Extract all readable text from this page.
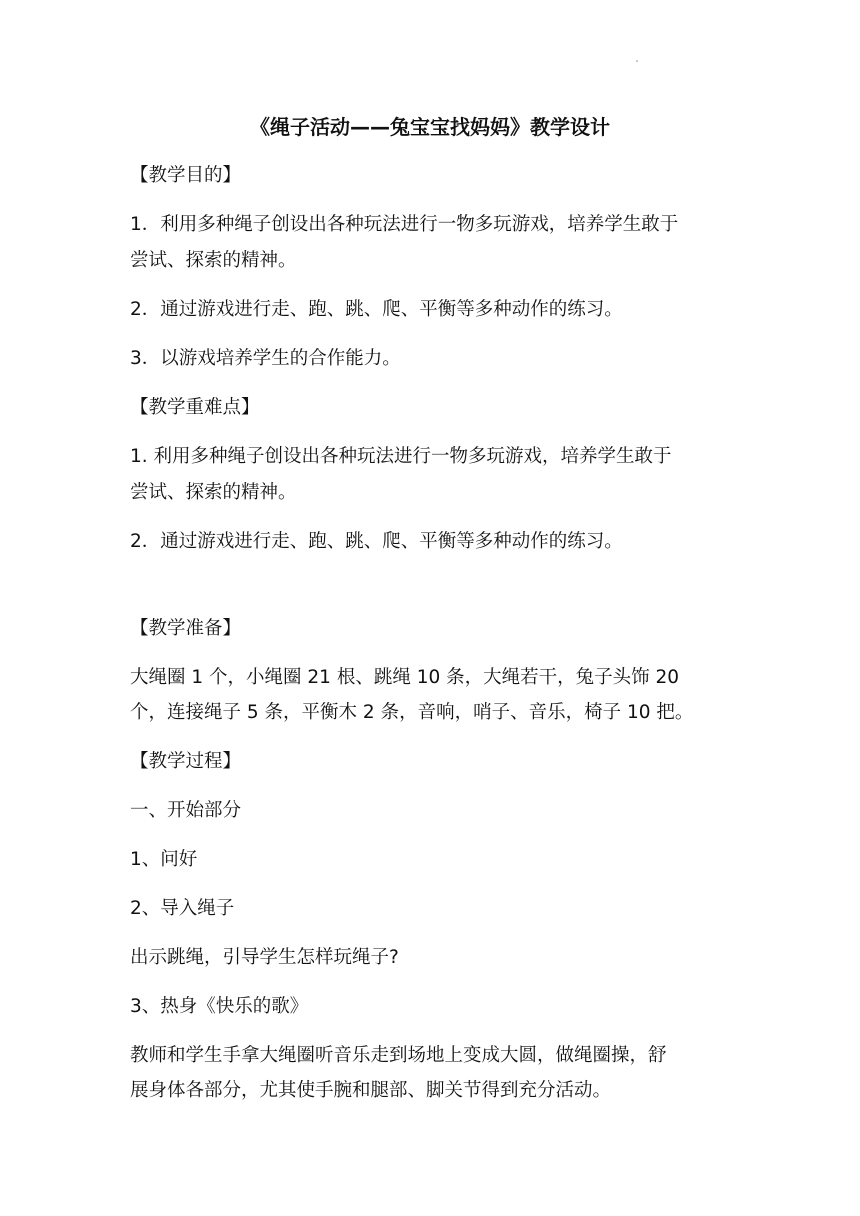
《绳子活动——兔宝宝找妈妈》教学设计
【教学目的】
1．利用多种绳子创设出各种玩法进行一物多玩游戏，培养学生敢于
尝试、探索的精神。
2．通过游戏进行走、跑、跳、爬、平衡等多种动作的练习。
3．以游戏培养学生的合作能力。
【教学重难点】
1. 利用多种绳子创设出各种玩法进行一物多玩游戏，培养学生敢于
尝试、探索的精神。
2．通过游戏进行走、跑、跳、爬、平衡等多种动作的练习。
【教学准备】
大绳圈 1 个，小绳圈 21 根、跳绳 10 条，大绳若干，兔子头饰 20
个，连接绳子 5 条，平衡木 2 条，音响，哨子、音乐，椅子 10 把。
【教学过程】
一、开始部分
1、问好
2、导入绳子
出示跳绳，引导学生怎样玩绳子?
3、热身《快乐的歌》
教师和学生手拿大绳圈听音乐走到场地上变成大圆，做绳圈操，舒
展身体各部分，尤其使手腕和腿部、脚关节得到充分活动。
